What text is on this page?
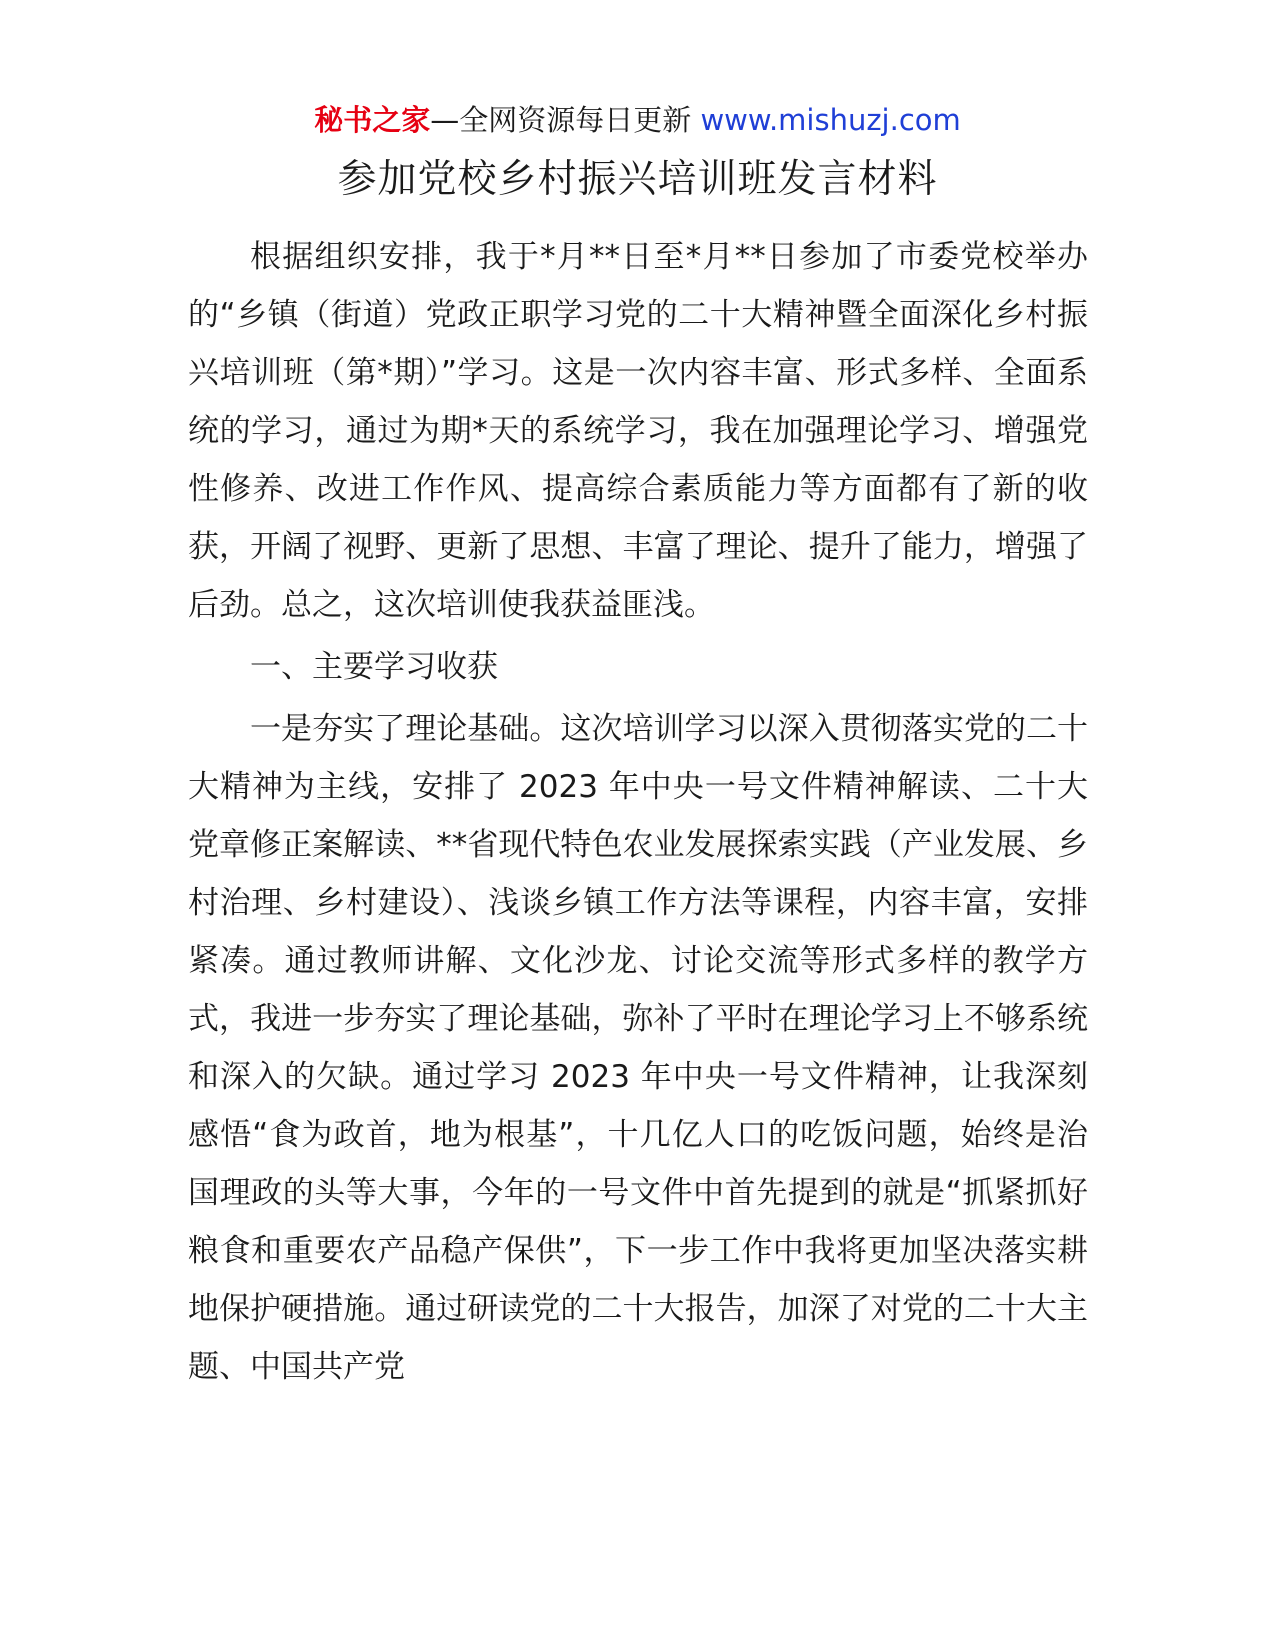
秘书之家—全网资源每日更新 www.mishuzj.com
参加党校乡村振兴培训班发言材料

根据组织安排，我于*月**日至*月**日参加了市委党校举办的“乡镇（街道）党政正职学习党的二十大精神暨全面深化乡村振兴培训班（第*期）”学习。这是一次内容丰富、形式多样、全面系统的学习，通过为期*天的系统学习，我在加强理论学习、增强党性修养、改进工作作风、提高综合素质能力等方面都有了新的收获，开阔了视野、更新了思想、丰富了理论、提升了能力，增强了后劲。总之，这次培训使我获益匪浅。

一、主要学习收获

一是夯实了理论基础。这次培训学习以深入贯彻落实党的二十大精神为主线，安排了 2023 年中央一号文件精神解读、二十大党章修正案解读、**省现代特色农业发展探索实践（产业发展、乡村治理、乡村建设）、浅谈乡镇工作方法等课程，内容丰富，安排紧凑。通过教师讲解、文化沙龙、讨论交流等形式多样的教学方式，我进一步夯实了理论基础，弥补了平时在理论学习上不够系统和深入的欠缺。通过学习 2023 年中央一号文件精神，让我深刻感悟“食为政首，地为根基”，十几亿人口的吃饭问题，始终是治国理政的头等大事，今年的一号文件中首先提到的就是“抓紧抓好粮食和重要农产品稳产保供”，下一步工作中我将更加坚决落实耕地保护硬措施。通过研读党的二十大报告，加深了对党的二十大主题、中国共产党
